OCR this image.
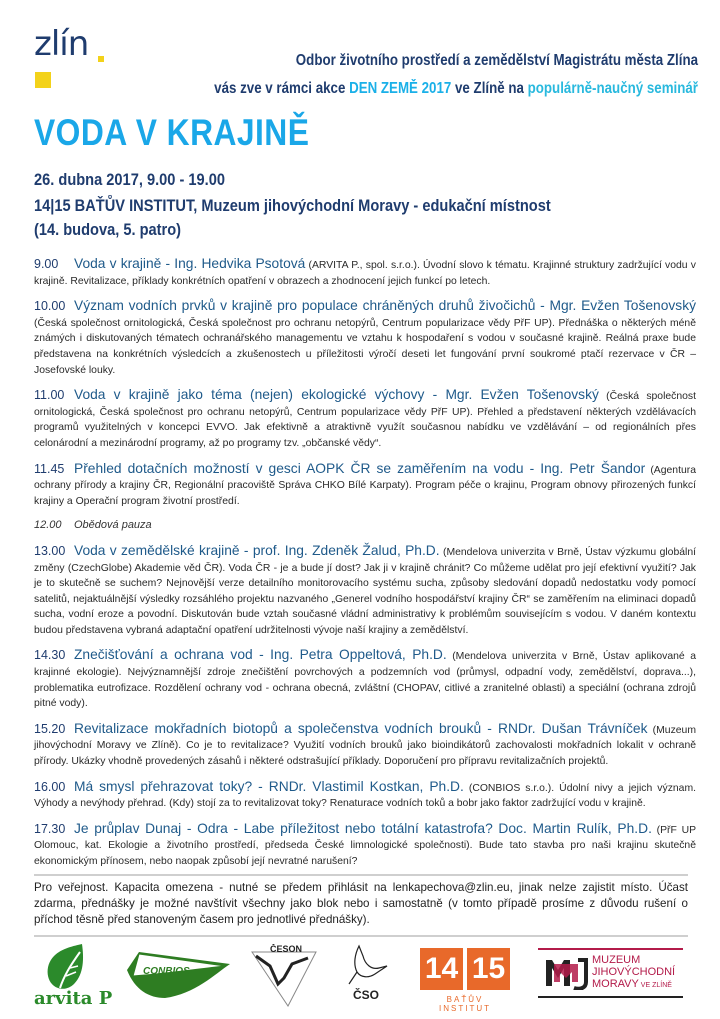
zlín	Odbor životního prostředí a zemědělství Magistrátu města Zlína
vás zve v rámci akce DEN ZEMĚ 2017 ve Zlíně na populárně-naučný seminář
VODA V KRAJINĚ
26. dubna 2017, 9.00 - 19.00
14|15 BAŤŮV INSTITUT, Muzeum jihovýchodní Moravy - edukační místnost
(14. budova, 5. patro)
9.00 Voda v krajině - Ing. Hedvika Psotová (ARVITA P., spol. s.r.o.). Úvodní slovo k tématu. Krajinné struktury zadržující vodu v krajině. Revitalizace, příklady konkrétních opatření v obrazech a zhodnocení jejich funkcí po letech.
10.00 Význam vodních prvků v krajině pro populace chráněných druhů živočichů - Mgr. Evžen Tošenovský (Česká společnost ornitologická, Česká společnost pro ochranu netopýrů, Centrum popularizace vědy PřF UP). Přednáška o některých méně známých i diskutovaných tématech ochranářského managementu ve vztahu k hospodaření s vodou v současné krajině. Reálná praxe bude představena na konkrétních výsledcích a zkušenostech u příležitosti výročí deseti let fungování první soukromé ptačí rezervace v ČR – Josefovské louky.
11.00 Voda v krajině jako téma (nejen) ekologické výchovy - Mgr. Evžen Tošenovský (Česká společnost ornitologická, Česká společnost pro ochranu netopýrů, Centrum popularizace vědy PřF UP). Přehled a představení některých vzdělávacích programů využitelných v koncepci EVVO. Jak efektivně a atraktivně využít současnou nabídku ve vzdělávání – od regionálních přes celonárodní a mezinárodní programy, až po programy tzv. „občanské vědy“.
11.45 Přehled dotačních možností v gesci AOPK ČR se zaměřením na vodu - Ing. Petr Šandor (Agentura ochrany přírody a krajiny ČR, Regionální pracoviště Správa CHKO Bílé Karpaty). Program péče o krajinu, Program obnovy přirozených funkcí krajiny a Operační program životní prostředí.
12.00 Obědová pauza
13.00 Voda v zemědělské krajině - prof. Ing. Zdeněk Žalud, Ph.D. (Mendelova univerzita v Brně, Ústav výzkumu globální změny (CzechGlobe) Akademie věd ČR). Voda ČR - je a bude jí dost? Jak ji v krajině chránit? Co můžeme udělat pro její efektivní využití? Jak je to skutečně se suchem? Nejnovější verze detailního monitorovacího systému sucha, způsoby sledování dopadů nedostatku vody pomocí satelitů, nejaktuálnější výsledky rozsáhlého projektu nazvaného „Generel vodního hospodářství krajiny ČR“ se zaměřením na eliminaci dopadů sucha, vodní eroze a povodní. Diskutován bude vztah současné vládní administrativy k problémům souvisejícím s vodou. V daném kontextu budou představena vybraná adaptační opatření udržitelnosti vývoje naší krajiny a zemědělství.
14.30 Znečišťování a ochrana vod - Ing. Petra Oppeltová, Ph.D. (Mendelova univerzita v Brně, Ústav aplikované a krajinné ekologie). Nejvýznamnější zdroje znečištění povrchových a podzemních vod (průmysl, odpadní vody, zemědělství, doprava...), problematika eutrofizace. Rozdělení ochrany vod - ochrana obecná, zvláštní (CHOPAV, citlivé a zranitelné oblasti) a speciální (ochrana zdrojů pitné vody).
15.20 Revitalizace mokřadních biotopů a společenstva vodních brouků - RNDr. Dušan Trávníček (Muzeum jihovýchodní Moravy ve Zlíně). Co je to revitalizace? Využití vodních brouků jako bioindikátorů zachovalosti mokřadních lokalit v ochraně přírody. Ukázky vhodně provedených zásahů i některé odstrašující příklady. Doporučení pro přípravu revitalizačních projektů.
16.00 Má smysl přehrazovat toky? - RNDr. Vlastimil Kostkan, Ph.D. (CONBIOS s.r.o.). Údolní nivy a jejich význam. Výhody a nevýhody přehrad. (Kdy) stojí za to revitalizovat toky? Renaturace vodních toků a bobr jako faktor zadržující vodu v krajině.
17.30 Je průplav Dunaj - Odra - Labe příležitost nebo totální katastrofa? Doc. Martin Rulík, Ph.D. (PřF UP Olomouc, kat. Ekologie a životního prostředí, předseda České limnologické společnosti). Bude tato stavba pro naši krajinu skutečně ekonomickým přínosem, nebo naopak způsobí její nevratné narušení?
Pro veřejnost. Kapacita omezena - nutné se předem přihlásit na lenkapechova@zlin.eu, jinak nelze zajistit místo. Účast zdarma, přednášky je možné navštívit všechny jako blok nebo i samostatně (v tomto případě prosíme z důvodu rušení o příchod těsně před stanoveným časem pro jednotlivé přednášky).
arvita P
CONBIOS
ČESON
ČSO
14 15
BAŤŮV INSTITUT
MUZEUM
JIHOVÝCHODNÍ
MORAVY VE ZLÍNĚ
